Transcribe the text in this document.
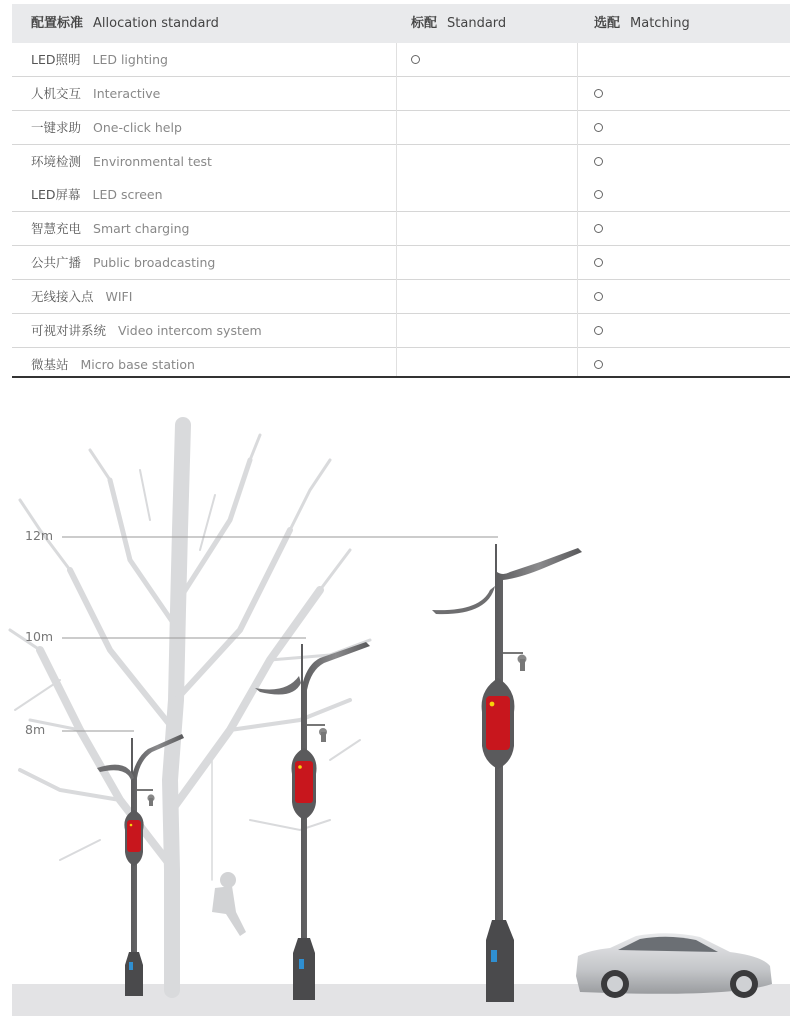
配置标准 Allocation standard	标配 Standard	选配 Matching
LED照明 LED lighting
人机交互 Interactive
一键求助 One-click help
环境检测 Environmental test
LED屏幕 LED screen
智慧充电 Smart charging
公共广播 Public broadcasting
无线接入点 WIFI
可视对讲系统 Video intercom system
微基站 Micro base station
12m
10m
8m
